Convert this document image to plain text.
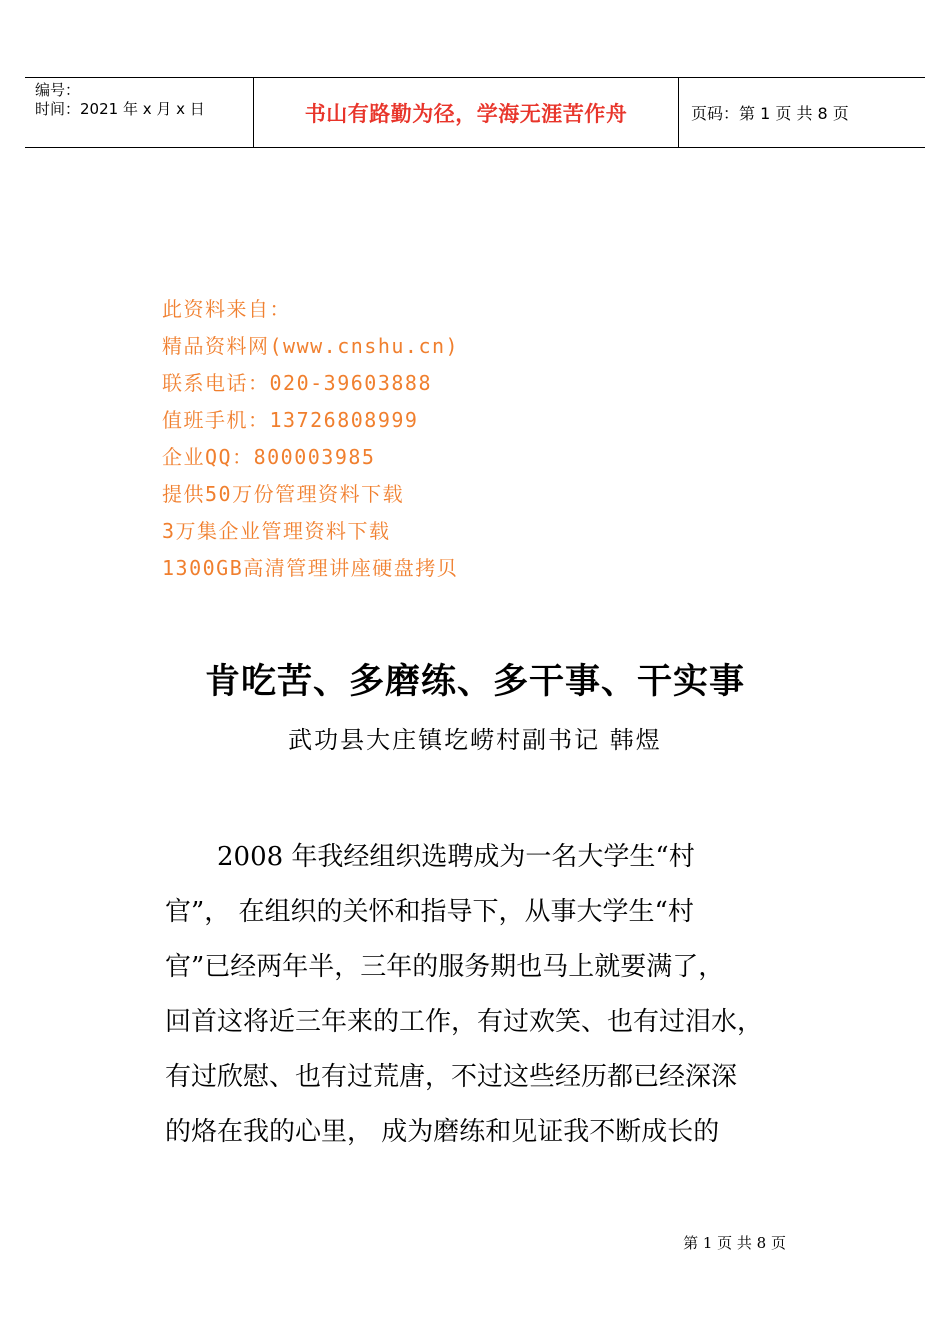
编号：
时间：2021 年 x 月 x 日	书山有路勤为径，学海无涯苦作舟	页码：第 1 页 共 8 页
此资料来自：
精品资料网(www.cnshu.cn)
联系电话：020-39603888
值班手机：13726808999
企业QQ：800003985
提供50万份管理资料下载
3万集企业管理资料下载
1300GB高清管理讲座硬盘拷贝
肯吃苦、多磨练、多干事、干实事
武功县大庄镇圪崂村副书记 韩煜
2008 年我经组织选聘成为一名大学生“村
官”， 在组织的关怀和指导下，从事大学生“村
官”已经两年半，三年的服务期也马上就要满了，
回首这将近三年来的工作，有过欢笑、也有过泪水，
有过欣慰、也有过荒唐，不过这些经历都已经深深
的烙在我的心里， 成为磨练和见证我不断成长的
第 1 页 共 8 页
